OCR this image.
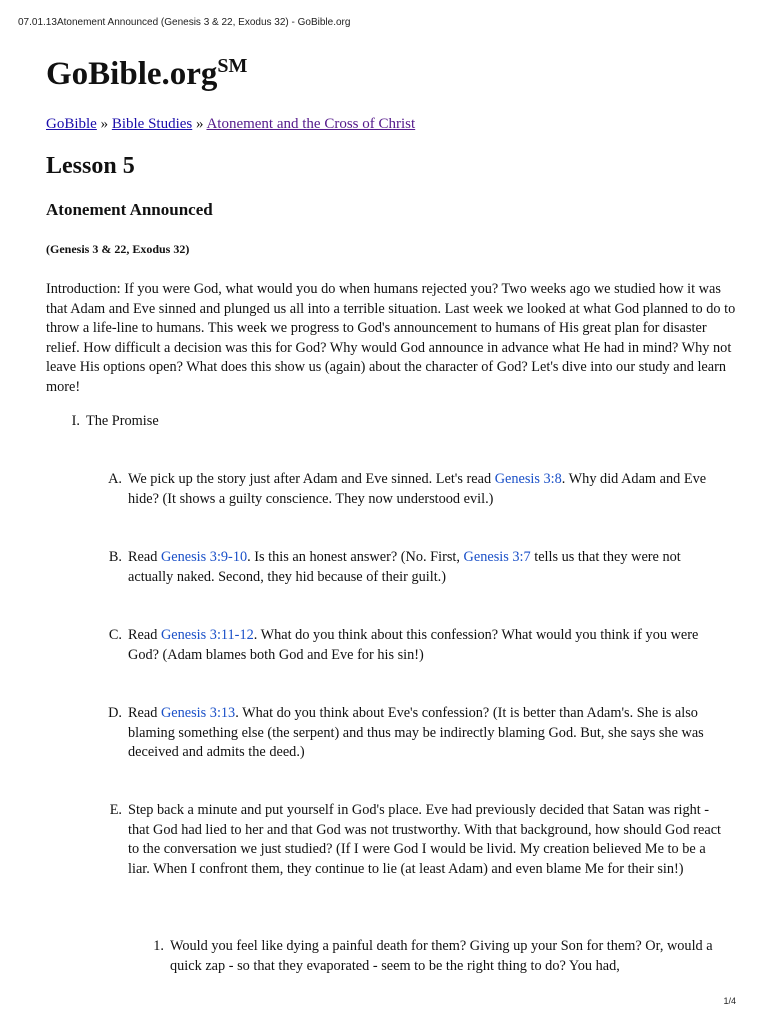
07.01.13Atonement Announced (Genesis 3 & 22, Exodus 32) - GoBible.org
GoBible.org℠
GoBible » Bible Studies » Atonement and the Cross of Christ
Lesson 5
Atonement Announced
(Genesis 3 & 22, Exodus 32)

Introduction: If you were God, what would you do when humans rejected you? Two weeks ago we studied how it was that Adam and Eve sinned and plunged us all into a terrible situation. Last week we looked at what God planned to do to throw a life-line to humans. This week we progress to God's announcement to humans of His great plan for disaster relief. How difficult a decision was this for God? Why would God announce in advance what He had in mind? Why not leave His options open? What does this show us (again) about the character of God? Let's dive into our study and learn more!

I. The Promise
A. We pick up the story just after Adam and Eve sinned. Let's read Genesis 3:8. Why did Adam and Eve hide? (It shows a guilty conscience. They now understood evil.)
B. Read Genesis 3:9-10. Is this an honest answer? (No. First, Genesis 3:7 tells us that they were not actually naked. Second, they hid because of their guilt.)
C. Read Genesis 3:11-12. What do you think about this confession? What would you think if you were God? (Adam blames both God and Eve for his sin!)
D. Read Genesis 3:13. What do you think about Eve's confession? (It is better than Adam's. She is also blaming something else (the serpent) and thus may be indirectly blaming God. But, she says she was deceived and admits the deed.)
E. Step back a minute and put yourself in God's place. Eve had previously decided that Satan was right - that God had lied to her and that God was not trustworthy. With that background, how should God react to the conversation we just studied? (If I were God I would be livid. My creation believed Me to be a liar. When I confront them, they continue to lie (at least Adam) and even blame Me for their sin!)
1. Would you feel like dying a painful death for them? Giving up your Son for them? Or, would a quick zap - so that they evaporated - seem to be the right thing to do? You had,
1/4
